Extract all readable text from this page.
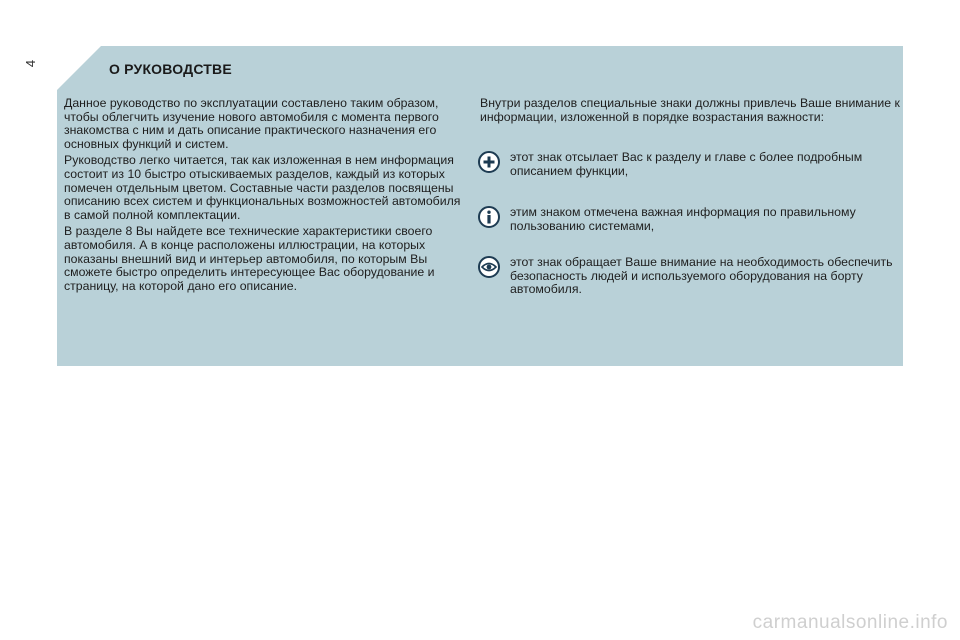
4	О РУКОВОДСТВЕ

Данное руководство по эксплуатации составлено таким образом, чтобы облегчить изучение нового автомобиля с момента первого знакомства с ним и дать описание практического назначения его основных функций и систем.

Руководство легко читается, так как изложенная в нем информация состоит из 10 быстро отыскиваемых разделов, каждый из которых помечен отдельным цветом. Составные части разделов посвящены описанию всех систем и функциональных возможностей автомобиля в самой полной комплектации.

В разделе 8 Вы найдете все технические характеристики своего автомобиля. А в конце расположены иллюстрации, на которых показаны внешний вид и интерьер автомобиля, по которым Вы сможете быстро определить интересующее Вас оборудование и страницу, на которой дано его описание.

Внутри разделов специальные знаки должны привлечь Ваше внимание к информации, изложенной в порядке возрастания важности:
этот знак отсылает Вас к разделу и главе с более подробным описанием функции,
этим знаком отмечена важная информация по правильному пользованию системами,
этот знак обращает Ваше внимание на необходимость обеспечить безопасность людей и используемого оборудования на борту автомобиля.
carmanualsonline.info
